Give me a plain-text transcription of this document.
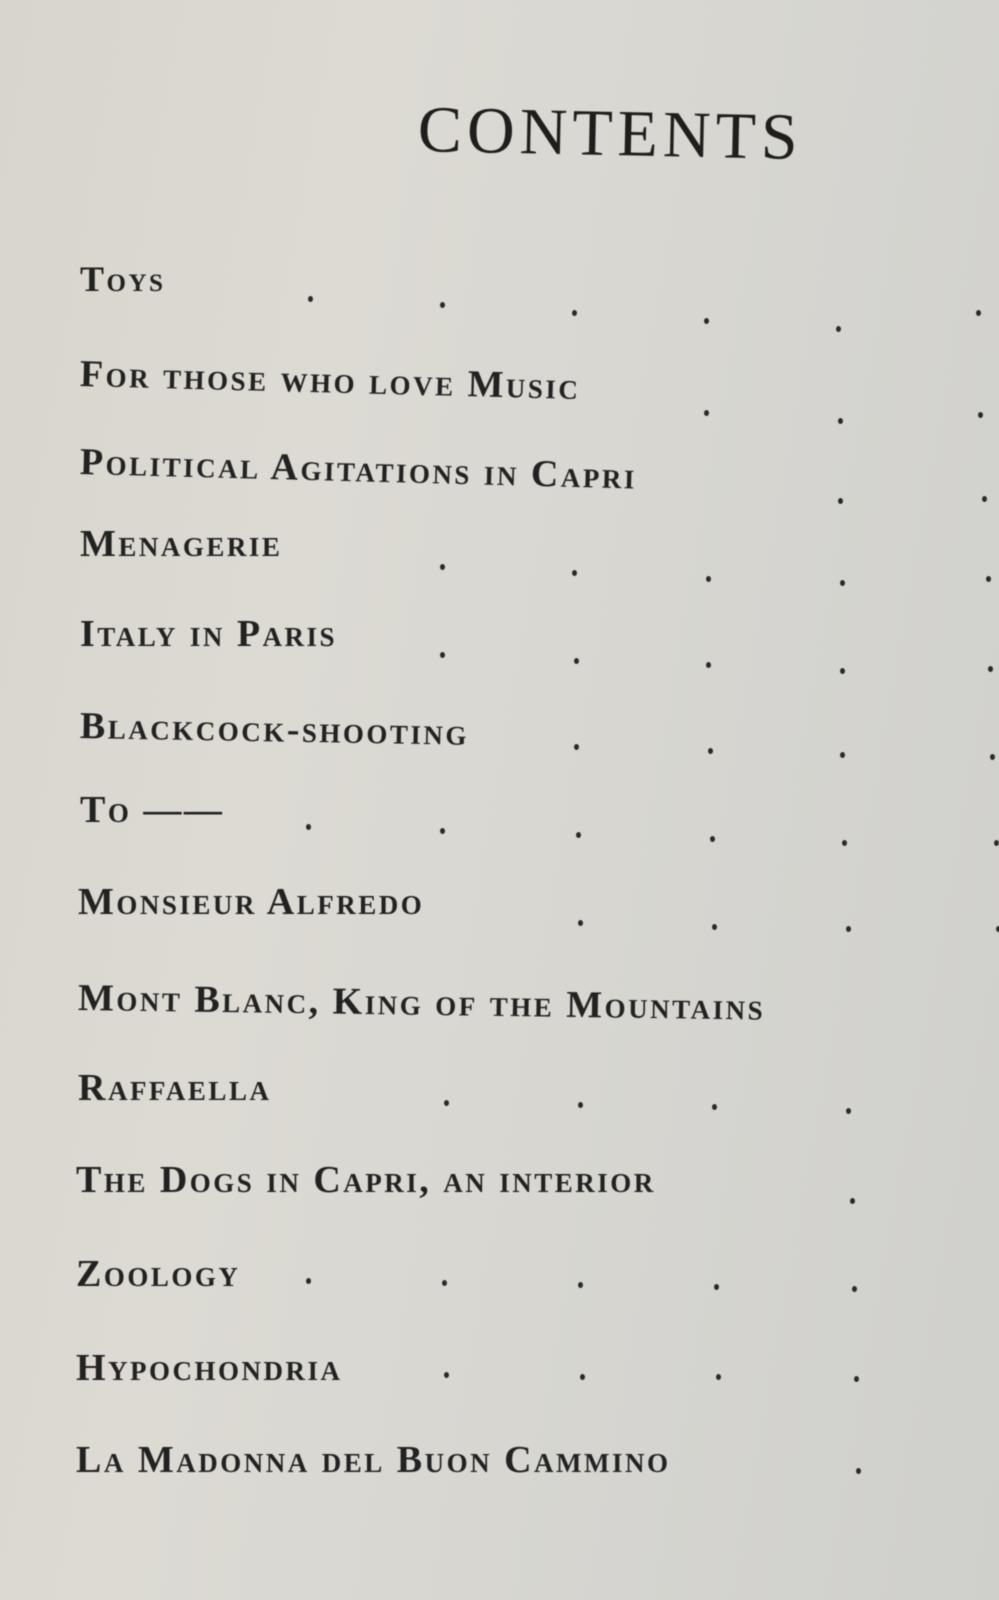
CONTENTS
Toys
For those who love Music
Political Agitations in Capri
Menagerie
Italy in Paris
Blackcock-shooting
To ——
Monsieur Alfredo
Mont Blanc, King of the Mountains
Raffaella
The Dogs in Capri, an interior
Zoology
Hypochondria
La Madonna del Buon Cammino
